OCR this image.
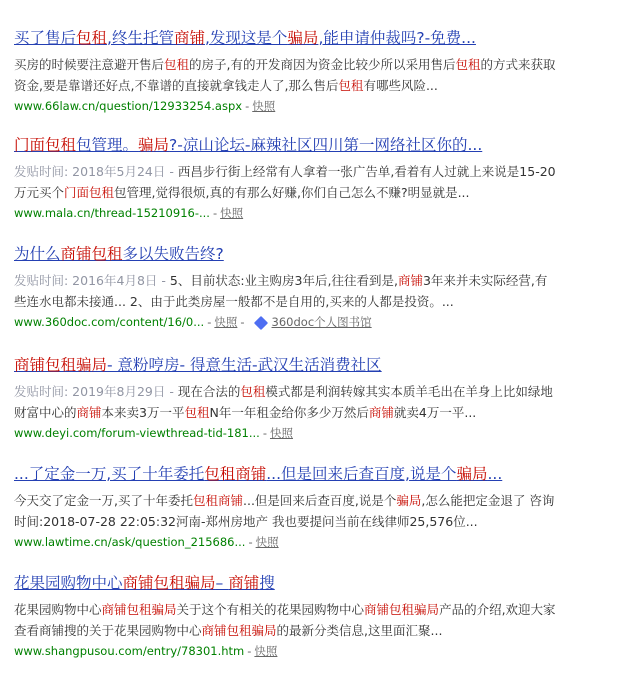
买了售后包租,终生托管商铺,发现这是个骗局,能申请仲裁吗?-免费...
买房的时候要注意避开售后包租的房子,有的开发商因为资金比较少所以采用售后包租的方式来获取资金,要是靠谱还好点,不靠谱的直接就拿钱走人了,那么售后包租有哪些风险...
www.66law.cn/question/12933254.aspx - 快照
门面包租包管理。骗局?-凉山论坛-麻辣社区四川第一网络社区你的...
发贴时间: 2018年5月24日 - 西昌步行街上经常有人拿着一张广告单,看着有人过就上来说是15-20万元买个门面包租包管理,觉得很烦,真的有那么好赚,你们自己怎么不赚?明显就是...
www.mala.cn/thread-15210916-... - 快照
为什么商铺包租多以失败告终?
发贴时间: 2016年4月8日 - 5、目前状态:业主购房3年后,往往看到是,商铺3年来并未实际经营,有些连水电都未接通... 2、由于此类房屋一般都不是自用的,买来的人都是投资。...
www.360doc.com/content/16/0... - 快照 - 360doc个人图书馆
商铺包租骗局- 意粉哼房- 得意生活-武汉生活消费社区
发贴时间: 2019年8月29日 - 现在合法的包租模式都是利润转嫁其实本质羊毛出在羊身上比如绿地财富中心的商铺本来卖3万一平包租N年一年租金给你多少万然后商铺就卖4万一平...
www.deyi.com/forum-viewthread-tid-181... - 快照
...了定金一万,买了十年委托包租商铺...但是回来后查百度,说是个骗局...
今天交了定金一万,买了十年委托包租商铺...但是回来后查百度,说是个骗局,怎么能把定金退了 咨询时间:2018-07-28 22:05:32河南-郑州房地产 我也要提问当前在线律师25,576位...
www.lawtime.cn/ask/question_215686... - 快照
花果园购物中心商铺包租骗局– 商铺搜
花果园购物中心商铺包租骗局关于这个有相关的花果园购物中心商铺包租骗局产品的介绍,欢迎大家查看商铺搜的关于花果园购物中心商铺包租骗局的最新分类信息,这里面汇聚...
www.shangpusou.com/entry/78301.htm - 快照
